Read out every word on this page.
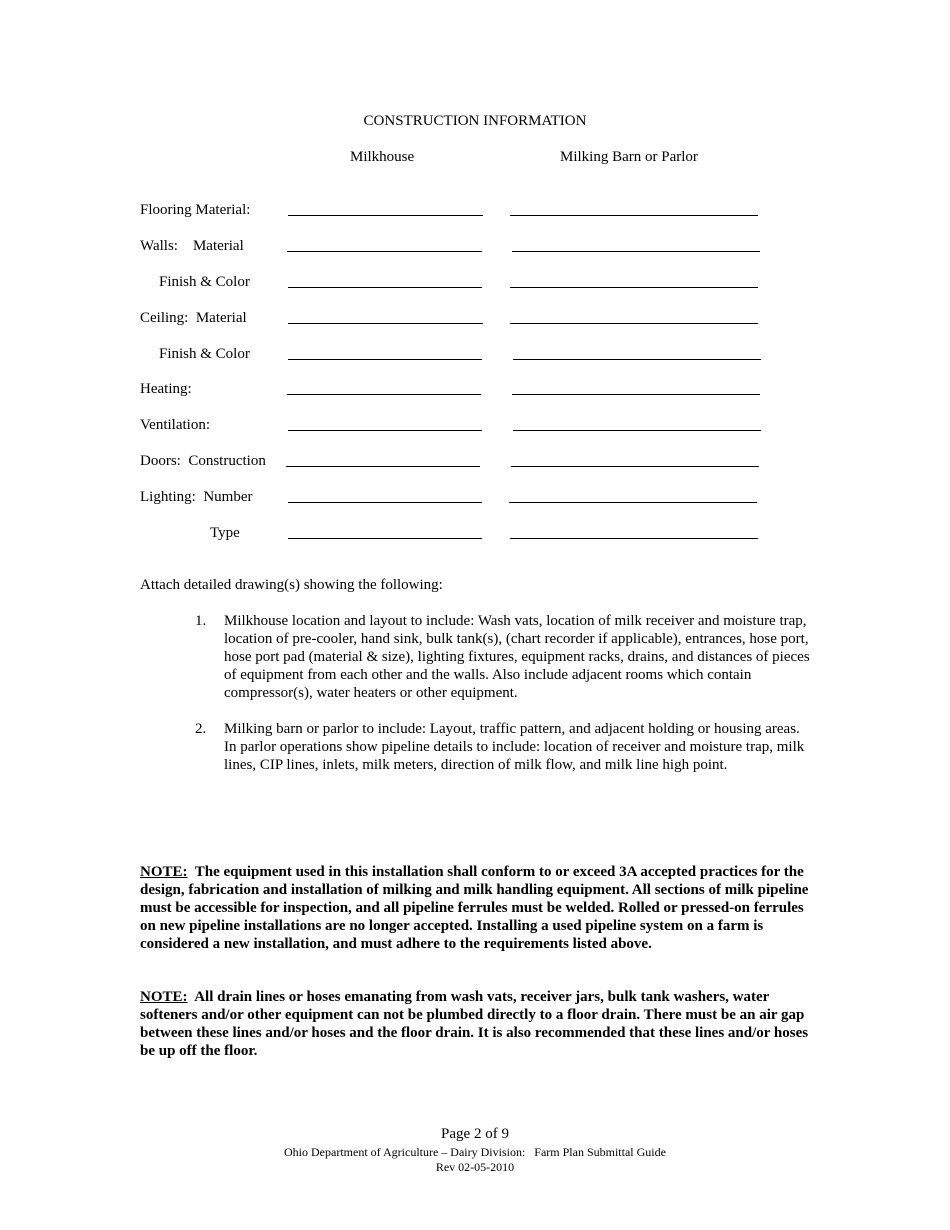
CONSTRUCTION INFORMATION
Milkhouse	Milking Barn or Parlor
Flooring Material:
Walls:    Material
Finish & Color
Ceiling:  Material
Finish & Color
Heating:
Ventilation:
Doors:  Construction
Lighting:  Number
Type
Attach detailed drawing(s) showing the following:
1. Milkhouse location and layout to include: Wash vats, location of milk receiver and moisture trap, location of pre-cooler, hand sink, bulk tank(s), (chart recorder if applicable), entrances, hose port, hose port pad (material & size), lighting fixtures, equipment racks, drains, and distances of pieces of equipment from each other and the walls. Also include adjacent rooms which contain compressor(s), water heaters or other equipment.
2. Milking barn or parlor to include: Layout, traffic pattern, and adjacent holding or housing areas. In parlor operations show pipeline details to include: location of receiver and moisture trap, milk lines, CIP lines, inlets, milk meters, direction of milk flow, and milk line high point.
NOTE: The equipment used in this installation shall conform to or exceed 3A accepted practices for the design, fabrication and installation of milking and milk handling equipment. All sections of milk pipeline must be accessible for inspection, and all pipeline ferrules must be welded. Rolled or pressed-on ferrules on new pipeline installations are no longer accepted. Installing a used pipeline system on a farm is considered a new installation, and must adhere to the requirements listed above.
NOTE: All drain lines or hoses emanating from wash vats, receiver jars, bulk tank washers, water softeners and/or other equipment can not be plumbed directly to a floor drain. There must be an air gap between these lines and/or hoses and the floor drain. It is also recommended that these lines and/or hoses be up off the floor.
Page 2 of 9
Ohio Department of Agriculture – Dairy Division:   Farm Plan Submittal Guide
Rev 02-05-2010
